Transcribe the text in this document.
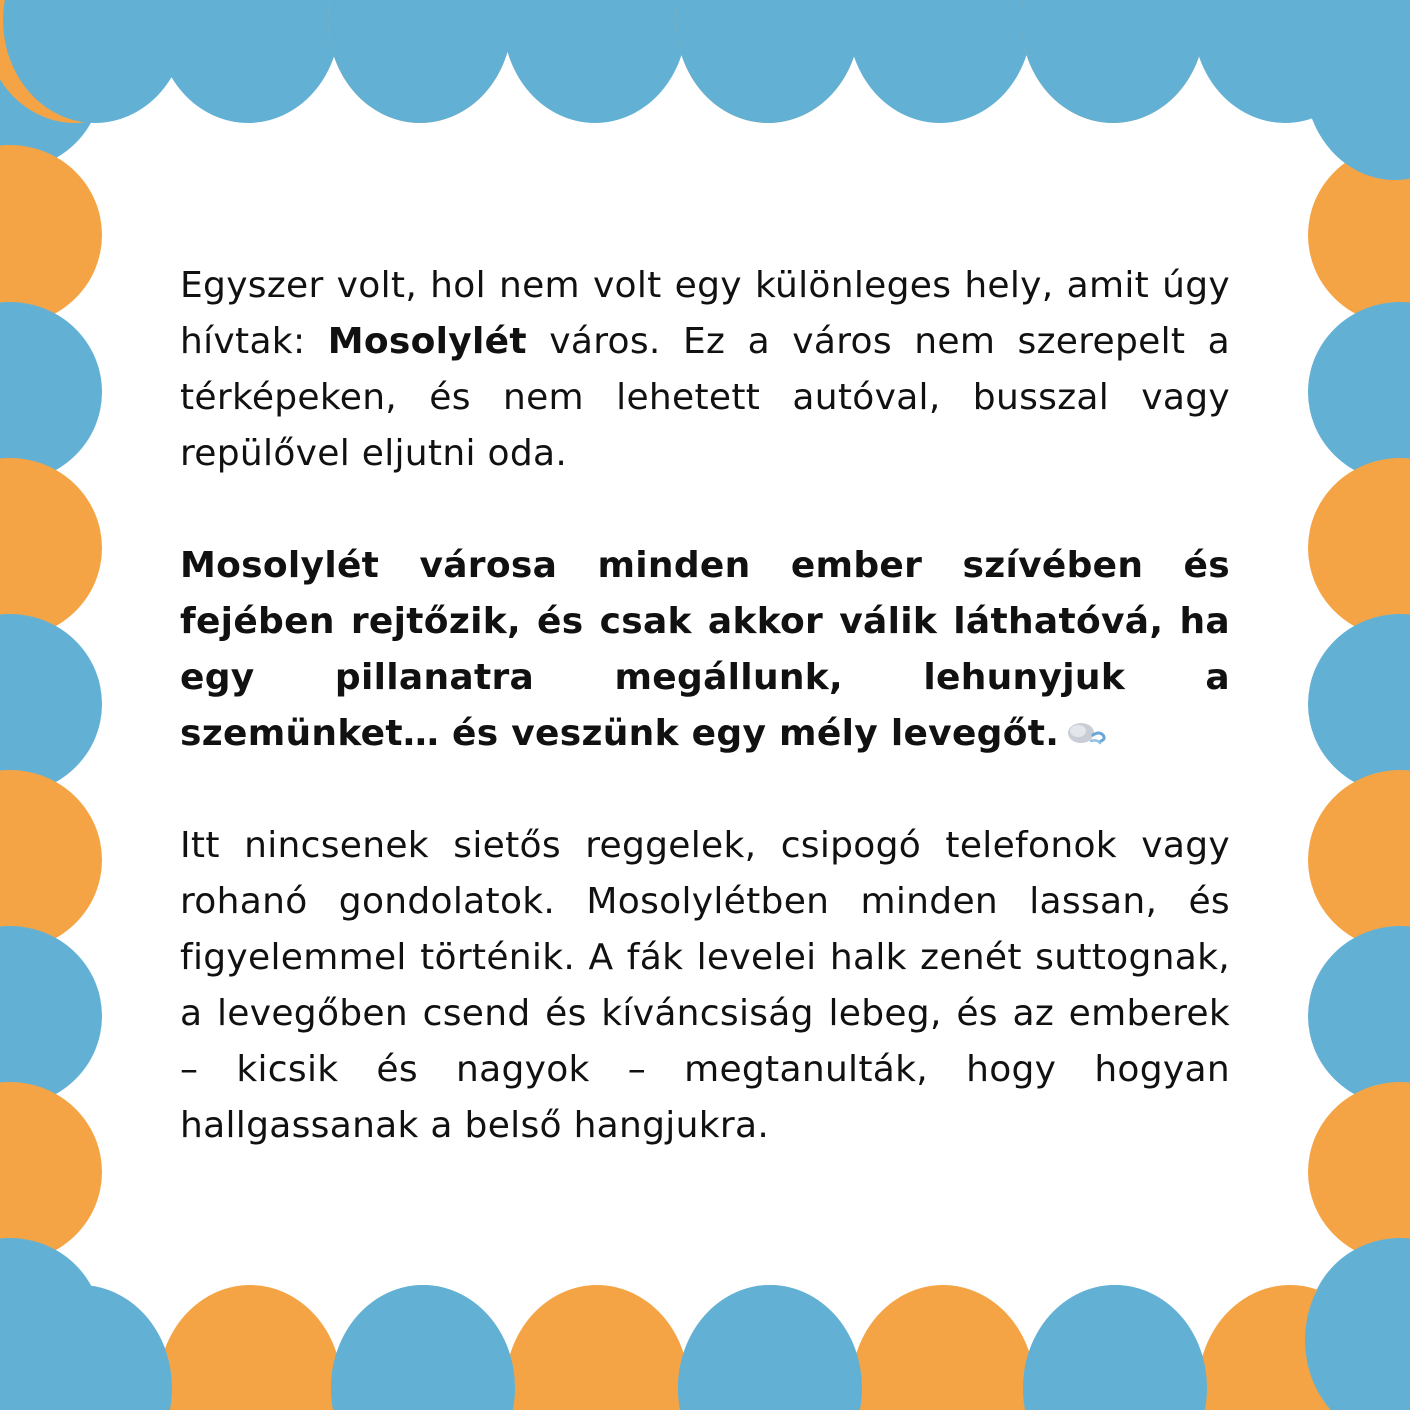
Egyszer volt, hol nem volt egy különleges hely, amit úgy hívtak: Mosolylét város. Ez a város nem szerepelt a térképeken, és nem lehetett autóval, busszal vagy repülővel eljutni oda.

Mosolylét városa minden ember szívében és fejében rejtőzik, és csak akkor válik láthatóvá, ha egy pillanatra megállunk, lehunyjuk a szemünket… és veszünk egy mély levegőt.

Itt nincsenek sietős reggelek, csipogó telefonok vagy rohanó gondolatok. Mosolylétben minden lassan, és figyelemmel történik. A fák levelei halk zenét suttognak, a levegőben csend és kíváncsiság lebeg, és az emberek – kicsik és nagyok – megtanulták, hogy hogyan hallgassanak a belső hangjukra.
